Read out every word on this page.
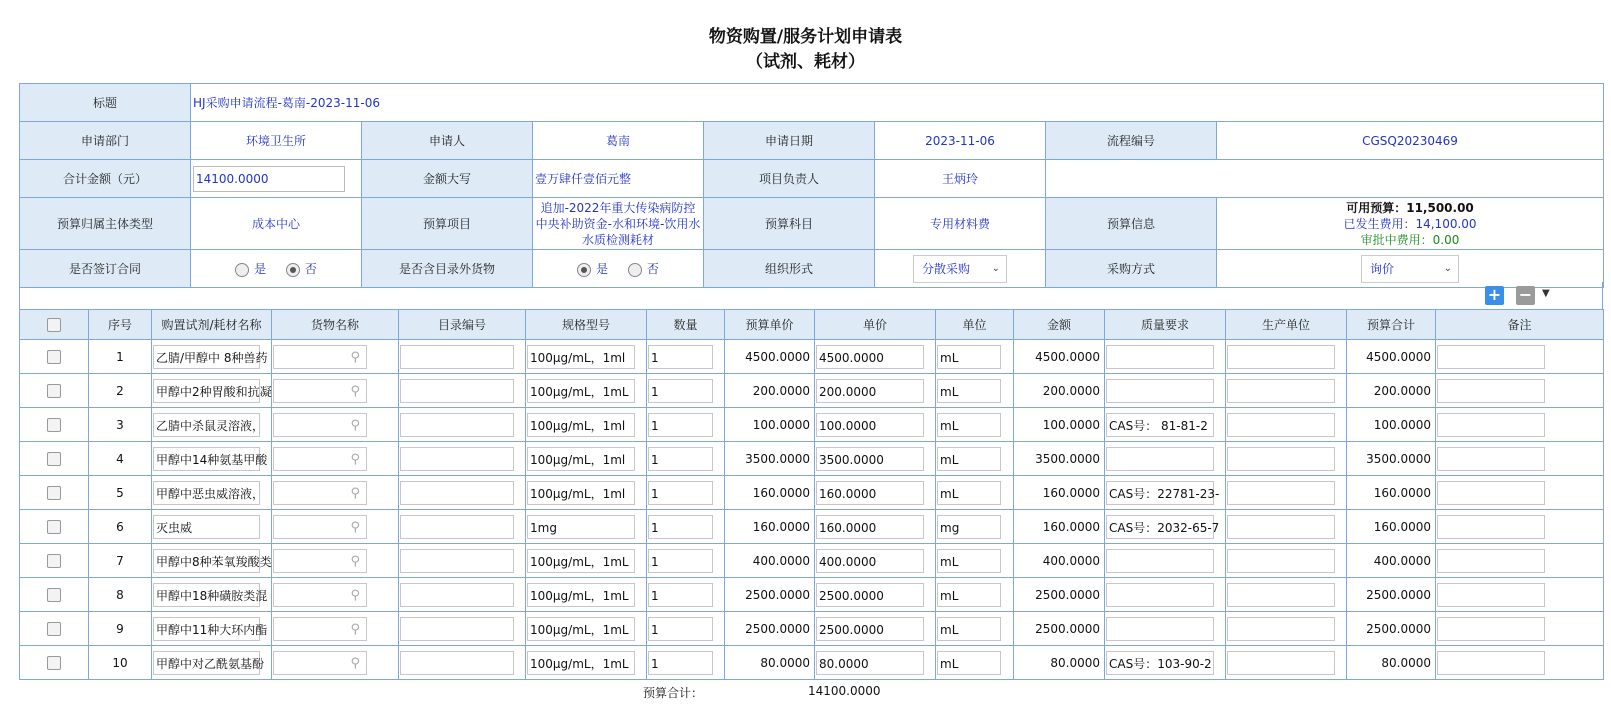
物资购置/服务计划申请表
（试剂、耗材）
标题	HJ采购申请流程-葛南-2023-11-06						
申请部门	环境卫生所	申请人	葛南	申请日期	2023-11-06	流程编号	CGSQ20230469
合计金额（元）	14100.0000	金额大写	壹万肆仟壹佰元整	项目负责人	王炳玲		
预算归属主体类型	成本中心	预算项目	追加-2022年重大传染病防控中央补助资金-水和环境-饮用水水质检测耗材	预算科目	专用材料费	预算信息	可用预算：11,500.00
已发生费用：14,100.00
审批中费用：0.00

是否签订合同	是 否	是否含目录外货物	是 否	组织形式	分散采购 ⌄	采购方式	询价 ⌄
+ − ▼
	序号	购置试剂/耗材名称	货物名称	目录编号	规格型号	数量	预算单价	单价	单位	金额	质量要求	生产单位	预算合计	备注
	1	乙腈/甲醇中 8种兽药	⚲		100μg/mL，1ml	1	4500.0000	4500.0000	mL	4500.0000			4500.0000	

	2	甲醇中2种胃酸和抗凝	⚲		100μg/mL，1mL	1	200.0000	200.0000	mL	200.0000			200.0000	

	3	乙腈中杀鼠灵溶液，	⚲		100μg/mL，1ml	1	100.0000	100.0000	mL	100.0000	CAS号： 81-81-2		100.0000	

	4	甲醇中14种氨基甲酸	⚲		100μg/mL，1ml	1	3500.0000	3500.0000	mL	3500.0000			3500.0000	

	5	甲醇中恶虫威溶液，	⚲		100μg/mL，1ml	1	160.0000	160.0000	mL	160.0000	CAS号：22781-23-		160.0000	

	6	灭虫威	⚲		1mg	1	160.0000	160.0000	mg	160.0000	CAS号：2032-65-7		160.0000	

	7	甲醇中8种苯氧羧酸类	⚲		100μg/mL，1mL	1	400.0000	400.0000	mL	400.0000			400.0000	

	8	甲醇中18种磺胺类混	⚲		100μg/mL，1mL	1	2500.0000	2500.0000	mL	2500.0000			2500.0000	

	9	甲醇中11种大环内酯	⚲		100μg/mL，1mL	1	2500.0000	2500.0000	mL	2500.0000			2500.0000	

	10	甲醇中对乙酰氨基酚	⚲		100μg/mL，1mL	1	80.0000	80.0000	mL	80.0000	CAS号：103-90-2		80.0000	
预算合计：	14100.0000
